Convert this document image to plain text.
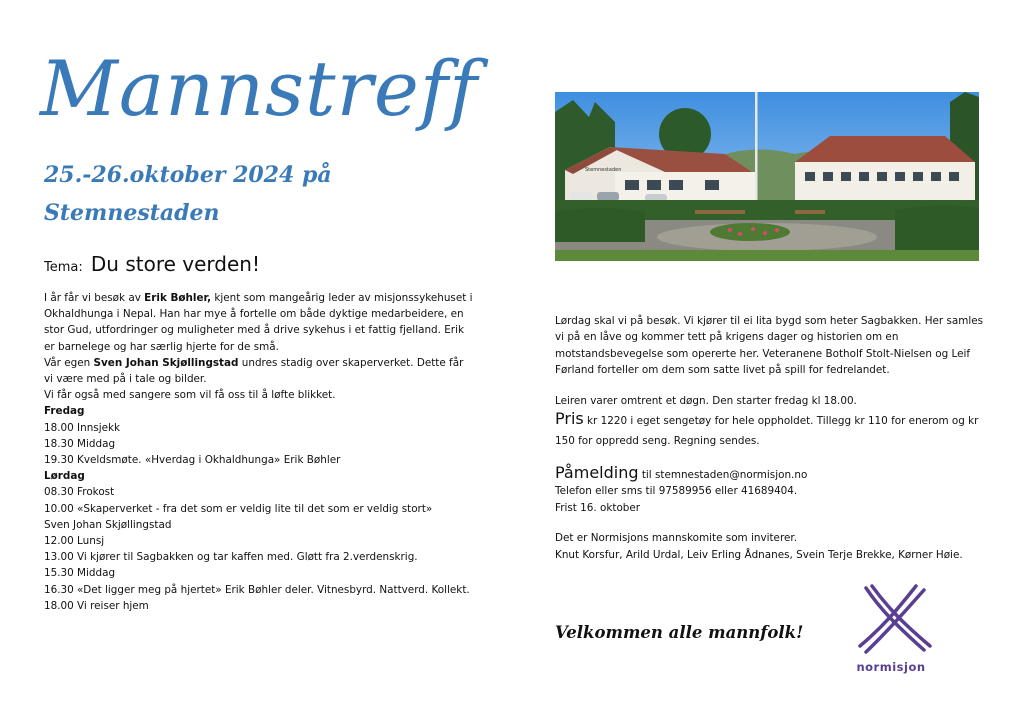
Mannstreff
25.-26.oktober 2024 på
Stemnestaden
Tema: Du store verden!

I år får vi besøk av Erik Bøhler, kjent som mangeårig leder av misjonssykehuset i Okhaldhunga i Nepal. Han har mye å fortelle om både dyktige medarbeidere, en stor Gud, utfordringer og muligheter med å drive sykehus i et fattig fjelland. Erik er barnelege og har særlig hjerte for de små.

Vår egen Sven Johan Skjøllingstad undres stadig over skaperverket. Dette får vi være med på i tale og bilder.

Vi får også med sangere som vil få oss til å løfte blikket.

Fredag
18.00 Innsjekk
18.30 Middag
19.30 Kveldsmøte. «Hverdag i Okhaldhunga» Erik Bøhler
Lørdag
08.30 Frokost
10.00 «Skaperverket - fra det som er veldig lite til det som er veldig stort»
Sven Johan Skjøllingstad
12.00 Lunsj
13.00 Vi kjører til Sagbakken og tar kaffen med. Gløtt fra 2.verdenskrig.
15.30 Middag
16.30 «Det ligger meg på hjertet» Erik Bøhler deler. Vitnesbyrd. Nattverd. Kollekt.
18.00 Vi reiser hjem
Stemnestaden

Lørdag skal vi på besøk. Vi kjører til ei lita bygd som heter Sagbakken. Her samles vi på en låve og kommer tett på krigens dager og historien om en motstandsbevegelse som opererte her. Veteranene Botholf Stolt-Nielsen og Leif Førland forteller om dem som satte livet på spill for fedrelandet.

Leiren varer omtrent et døgn. Den starter fredag kl 18.00.

Pris kr 1220 i eget sengetøy for hele oppholdet. Tillegg kr 110 for enerom og kr 150 for oppredd seng. Regning sendes.

Påmelding til stemnestaden@normisjon.no

Telefon eller sms til 97589956 eller 41689404.

Frist 16. oktober

Det er Normisjons mannskomite som inviterer.

Knut Korsfur, Arild Urdal, Leiv Erling Ådnanes, Svein Terje Brekke, Kørner Høie.

Velkommen alle mannfolk!

normisjon
